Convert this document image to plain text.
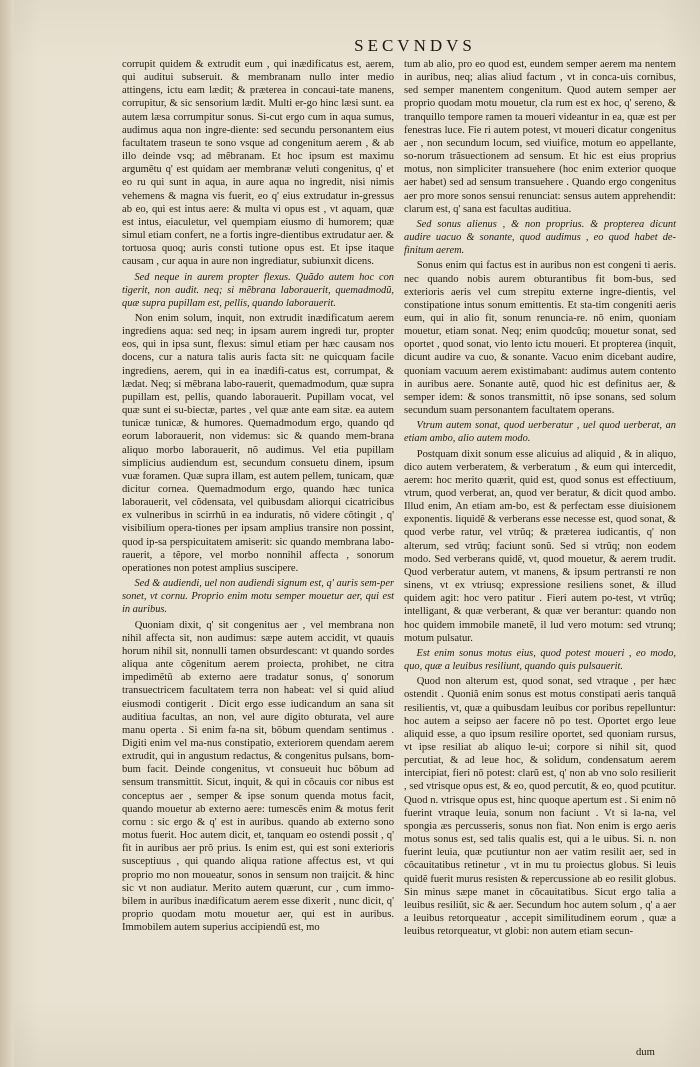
SECVNDVS

corrupit quidem & extrudit eum , qui inædificatus est, aerem, qui auditui subseruit. & membranam nullo inter medio attingens, ictu eam lædit; & præterea in concaui-tate manens, corrupitur, & sic sensorium lædit. Multi er-go hinc læsi sunt. ea autem læsa corrumpitur sonus. Si-cut ergo cum in aqua sumus, audimus aqua non ingre-diente: sed secundu personantem eius facultatem traseun te sono vsque ad congenitum aerem , & ab illo deinde vsq; ad mẽbranam. Et hoc ipsum est maximu argumẽtu q' est quidam aer membranæ veluti congenitus, q' et eo ru qui sunt in aqua, in aure aqua no ingredit, nisi nimis vehemens & magna vis fuerit, eo q' eius extrudatur in-gressus ab eo, qui est intus aere: & multa vi opus est , vt aquam, quæ est intus, eiaculetur, vel quempiam eiusmo di humorem; quæ simul etiam confert, ne a fortis ingre-dientibus extrudatur aer. & tortuosa quoq; auris consti tutione opus est. Et ipse itaque causam , cur aqua in aure non ingrediatur, subiunxit dicens.

Sed neque in aurem propter flexus. Quãdo autem hoc con tigerit, non audit. neq; si mẽbrana laborauerit, quemadmodũ, quæ supra pupillam est, pellis, quando laborauerit.

Non enim solum, inquit, non extrudit inædificatum aerem ingrediens aqua: sed neq; in ipsam aurem ingredi tur, propter eos, qui in ipsa sunt, flexus: simul etiam per hæc causam nos docens, cur a natura talis auris facta sit: ne quicquam facile ingrediens, aerem, qui in ea inædifi-catus est, corrumpat, & lædat. Neq; si mẽbrana labo-rauerit, quemadmodum, quæ supra pupillam est, pellis, quando laborauerit. Pupillam vocat, vel quæ sunt ei su-biectæ, partes , vel quæ ante eam sitæ. ea autem tunicæ tunicæ, & humores. Quemadmodum ergo, quando qd eorum laborauerit, non videmus: sic & quando mem-brana aliquo morbo laborauerit, nõ audimus. Vel etia pupillam simplicius audiendum est, secundum consuetu dinem, ipsum vuæ foramen. Quæ supra illam, est autem pellem, tunicam, quæ dicitur cornea. Quemadmodum ergo, quando hæc tunica laborauerit, vel cõdensata, vel quibusdam aliorqui cicatricibus ex vulneribus in scirrhũ in ea induratis, nõ videre cõtingit , q' visibilium opera-tiones per ipsam amplius transire non possint, quod ip-sa perspicuitatem amiserit: sic quando membrana labo-rauerit, a tẽpore, vel morbo nonnihil affecta , sonorum operationes non potest amplius suscipere.

Sed & audiendi, uel non audiendi signum est, q' auris sem-per sonet, vt cornu. Proprio enim motu semper mouetur aer, qui est in auribus.

Quoniam dixit, q' sit congenitus aer , vel membrana non nihil affecta sit, non audimus: sæpe autem accidit, vt quauis horum nihil sit, nonnulli tamen obsurdescant: vt quando sordes aliqua ante cõgenitum aerem proiecta, prohibet, ne citra impedimẽtũ ab externo aere tradatur sonus, q' sonorum transuectricem facultatem terra non habeat: vel si quid aliud eiusmodi contigerit . Dicit ergo esse iudicandum an sana sit auditiua facultas, an non, vel aure digito obturata, vel aure manu operta . Si enim fa-na sit, bõbum quendam sentimus . Digiti enim vel ma-nus constipatio, exteriorem quendam aerem extrudit, qui in angustum redactus, & congenitus pulsans, bom-bum facit. Deinde congenitus, vt consueuit huc bõbum ad sensum transmittit. Sicut, inquit, & qui in cõcauis cor nibus est conceptus aer , semper & ipse sonum quenda motus facit, quando mouetur ab externo aere: tumescẽs enim & motus ferit cornu : sic ergo & q' est in auribus. quando ab externo sono motus fuerit. Hoc autem dicit, et, tanquam eo ostendi possit , q' fit in auribus aer prõ prius. Is enim est, qui est soni exterioris susceptiuus , qui quando aliqua ratione affectus est, vt qui proprio mo non moueatur, sonos in sensum non traijcit. & hinc sic vt non audiatur. Merito autem quærunt, cur , cum immo-bilem in auribus inædificatum aerem esse dixerit , nunc dicit, q' proprio quodam motu mouetur aer, qui est in auribus. Immobilem autem superius accipiendũ est, mo

tum ab alio, pro eo quod est, eundem semper aerem ma nentem in auribus, neq; alias aliud factum , vt in conca-uis cornibus, sed semper manentem congenitum. Quod autem semper aer proprio quodam motu mouetur, cla rum est ex hoc, q' sereno, & tranquillo tempore ramen ta moueri videantur in ea, quæ est per fenestras luce. Fie ri autem potest, vt moueri dicatur congenitus aer , non secundum locum, sed viuifice, motum eo appellante, so-norum trãsuectionem ad sensum. Et hic est eius proprius motus, non simpliciter transuehere (hoc enim exterior quoque aer habet) sed ad sensum transuehere . Quando ergo congenitus aer pro more sonos sensui renunciat: sensus autem apprehendit: clarum est, q' sana est facultas auditiua.

Sed sonus alienus , & non proprius. & propterea dicunt audire uacuo & sonante, quod audimus , eo quod habet de-finitum aerem.

Sonus enim qui factus est in auribus non est congeni ti aeris. nec quando nobis aurem obturantibus fit bom-bus, sed exterioris aeris vel cum strepitu externe ingre-dientis, vel constipatione intus sonum emittentis. Et sta-tim congeniti aeris eum, qui in alio fit, sonum renuncia-re. nõ enim, quoniam mouetur, etiam sonat. Neq; enim quodcũq; mouetur sonat, sed oportet , quod sonat, vio lento ictu moueri. Et propterea (inquit, dicunt audire va cuo, & sonante. Vacuo enim dicebant audire, quoniam vacuum aerem existimabant: audimus autem contento in auribus aere. Sonante autẽ, quod hic est definitus aer, & semper idem: & sonos transmittit, nõ ipse sonans, sed solum secundum suam personantem facultatem operans.

Vtrum autem sonat, quod uerberatur , uel quod uerberat, an etiam ambo, alio autem modo.

Postquam dixit sonum esse alicuius ad aliquid , & in aliquo, dico autem verberatem, & verberatum , & eum qui intercedit, aerem: hoc merito quærit, quid est, quod sonus est effectiuum, vtrum, quod verberat, an, quod ver beratur, & dicit quod ambo. Illud enim, An etiam am-bo, est & perfectam esse diuisionem exponentis. liquidẽ & verberans esse necesse est, quod sonat, & quod verbe ratur, vel vtrũq; & præterea iudicantis, q' non alterum, sed vtrũq; faciunt sonũ. Sed si vtrũq; non eodem modo. Sed verberans quidẽ, vt, quod mouetur, & aerem trudit. Quod verberatur autem, vt manens, & ipsum pertransti re non sinens, vt ex vtriusq; expressione resiliens sonet, & illud quidem agit: hoc vero patitur . Fieri autem po-test, vt vtrũq; intelligant, & quæ verberant, & quæ ver berantur: quando non hoc quidem immobile manetẽ, il lud vero motum: sed vtrunq; motum pulsatur.

Est enim sonus motus eius, quod potest moueri , eo modo, quo, quæ a leuibus resiliunt, quando quis pulsauerit.

Quod non alterum est, quod sonat, sed vtraque , per hæc ostendit . Quoniã enim sonus est motus constipati aeris tanquã resilientis, vt, quæ a quibusdam leuibus cor poribus repelluntur: hoc autem a seipso aer facere nõ po test. Oportet ergo leue aliquid esse, a quo ipsum resilire oportet, sed quoniam rursus, vt ipse resiliat ab aliquo le-ui; corpore si nihil sit, quod percutiat, & ad leue hoc, & solidum, condensatum aerem intercipiat, fieri nõ potest: clarũ est, q' non ab vno solo resilierit , sed vtrisque opus est, & eo, quod percutit, & eo, quod pcutitur. Quod n. vtrisque opus est, hinc quoque apertum est . Si enim nõ fuerint vtraque leuia, sonum non faciunt . Vt si la-na, vel spongia æs percusseris, sonus non fiat. Non enim is ergo aeris motus sonus est, sed talis qualis est, qui a le uibus. Si. n. non fuerint leuia, quæ pcutiuntur non aer vatim resilit aer, sed in cõcauitatibus retinetur , vt in mu tu proiectus globus. Si leuis quidẽ fuerit murus resisten & repercussione ab eo resilit globus. Sin minus sæpe manet in cõcauitatibus. Sicut ergo talia a leuibus resiliũt, sic & aer. Secundum hoc autem solum , q' a aer a leuibus retorqueatur , accepit similitudinem eorum , quæ a leuibus retorqueatur, vt globi: non autem etiam secun-

dum
